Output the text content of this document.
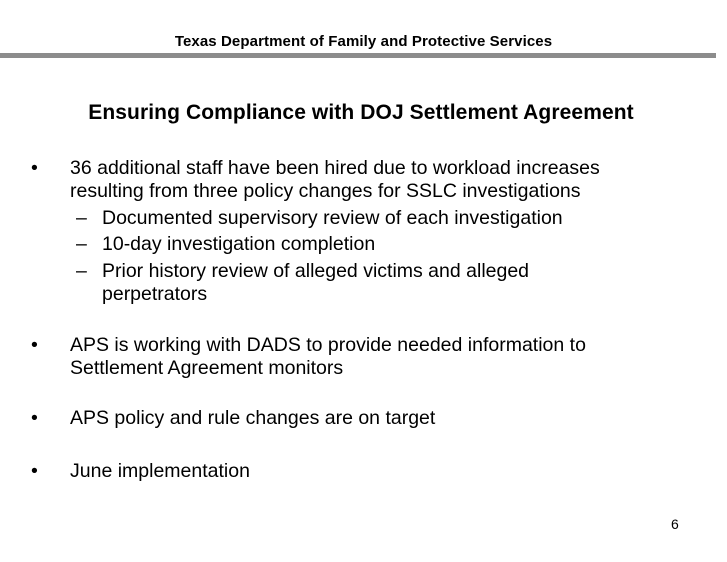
Texas Department of Family and Protective Services
Ensuring Compliance with DOJ Settlement Agreement
• 36 additional staff have been hired due to workload increases
resulting from three policy changes for SSLC investigations
– Documented supervisory review of each investigation
– 10-day investigation completion
– Prior history review of alleged victims and alleged
perpetrators
• APS is working with DADS to provide needed information to
Settlement Agreement monitors
• APS policy and rule changes are on target
• June implementation
6
